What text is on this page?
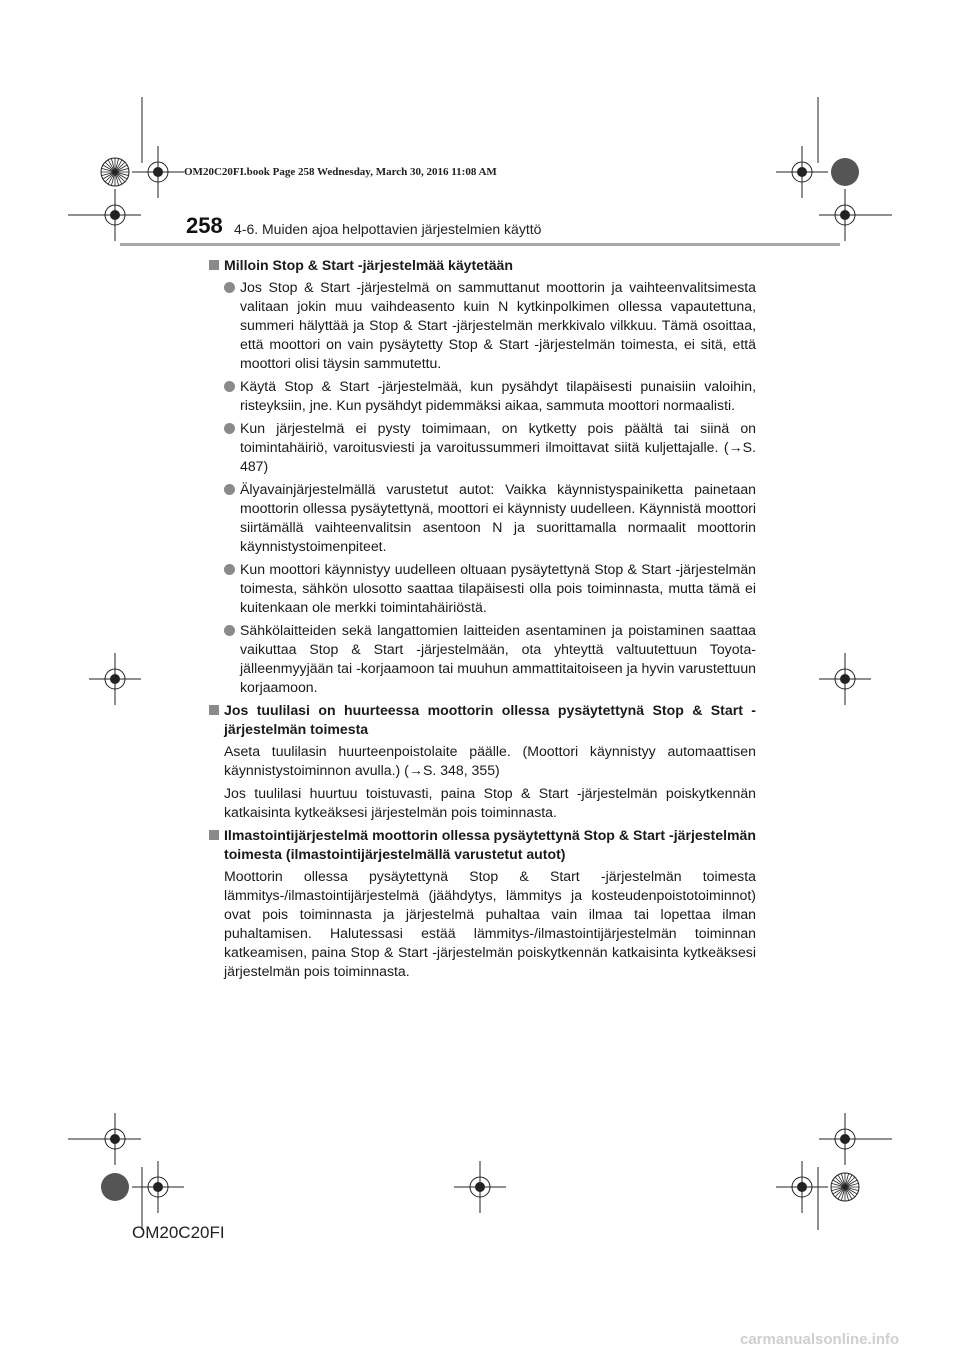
OM20C20FI.book Page 258 Wednesday, March 30, 2016 11:08 AM
258 4-6. Muiden ajoa helpottavien järjestelmien käyttö
Milloin Stop & Start -järjestelmää käytetään
Jos Stop & Start -järjestelmä on sammuttanut moottorin ja vaihteenvalitsimesta valitaan jokin muu vaihdeasento kuin N kytkinpolkimen ollessa vapautettuna, summeri hälyttää ja Stop & Start -järjestelmän merkkivalo vilkkuu. Tämä osoittaa, että moottori on vain pysäytetty Stop & Start -järjestelmän toimesta, ei sitä, että moottori olisi täysin sammutettu.
Käytä Stop & Start -järjestelmää, kun pysähdyt tilapäisesti punaisiin valoihin, risteyksiin, jne. Kun pysähdyt pidemmäksi aikaa, sammuta moottori normaalisti.
Kun järjestelmä ei pysty toimimaan, on kytketty pois päältä tai siinä on toimintahäiriö, varoitusviesti ja varoitussummeri ilmoittavat siitä kuljettajalle. (→S. 487)
Älyavainjärjestelmällä varustetut autot: Vaikka käynnistyspainiketta painetaan moottorin ollessa pysäytettynä, moottori ei käynnisty uudelleen. Käynnistä moottori siirtämällä vaihteenvalitsin asentoon N ja suorittamalla normaalit moottorin käynnistystoimenpiteet.
Kun moottori käynnistyy uudelleen oltuaan pysäytettynä Stop & Start -järjestelmän toimesta, sähkön ulosotto saattaa tilapäisesti olla pois toiminnasta, mutta tämä ei kuitenkaan ole merkki toimintahäiriöstä.
Sähkölaitteiden sekä langattomien laitteiden asentaminen ja poistaminen saattaa vaikuttaa Stop & Start -järjestelmään, ota yhteyttä valtuutettuun Toyota-jälleenmyyjään tai -korjaamoon tai muuhun ammattitaitoiseen ja hyvin varustettuun korjaamoon.
Jos tuulilasi on huurteessa moottorin ollessa pysäytettynä Stop & Start -järjestelmän toimesta
Aseta tuulilasin huurteenpoistolaite päälle. (Moottori käynnistyy automaattisen käynnistystoiminnon avulla.) (→S. 348, 355)
Jos tuulilasi huurtuu toistuvasti, paina Stop & Start -järjestelmän poiskytkennän katkaisinta kytkeäksesi järjestelmän pois toiminnasta.
Ilmastointijärjestelmä moottorin ollessa pysäytettynä Stop & Start -järjestelmän toimesta (ilmastointijärjestelmällä varustetut autot)
Moottorin ollessa pysäytettynä Stop & Start -järjestelmän toimesta lämmitys-/ilmastointijärjestelmä (jäähdytys, lämmitys ja kosteudenpoistotoiminnot) ovat pois toiminnasta ja järjestelmä puhaltaa vain ilmaa tai lopettaa ilman puhaltamisen. Halutessasi estää lämmitys-/ilmastointijärjestelmän toiminnan katkeamisen, paina Stop & Start -järjestelmän poiskytkennän katkaisinta kytkeäksesi järjestelmän pois toiminnasta.
OM20C20FI
carmanualsonline.info
